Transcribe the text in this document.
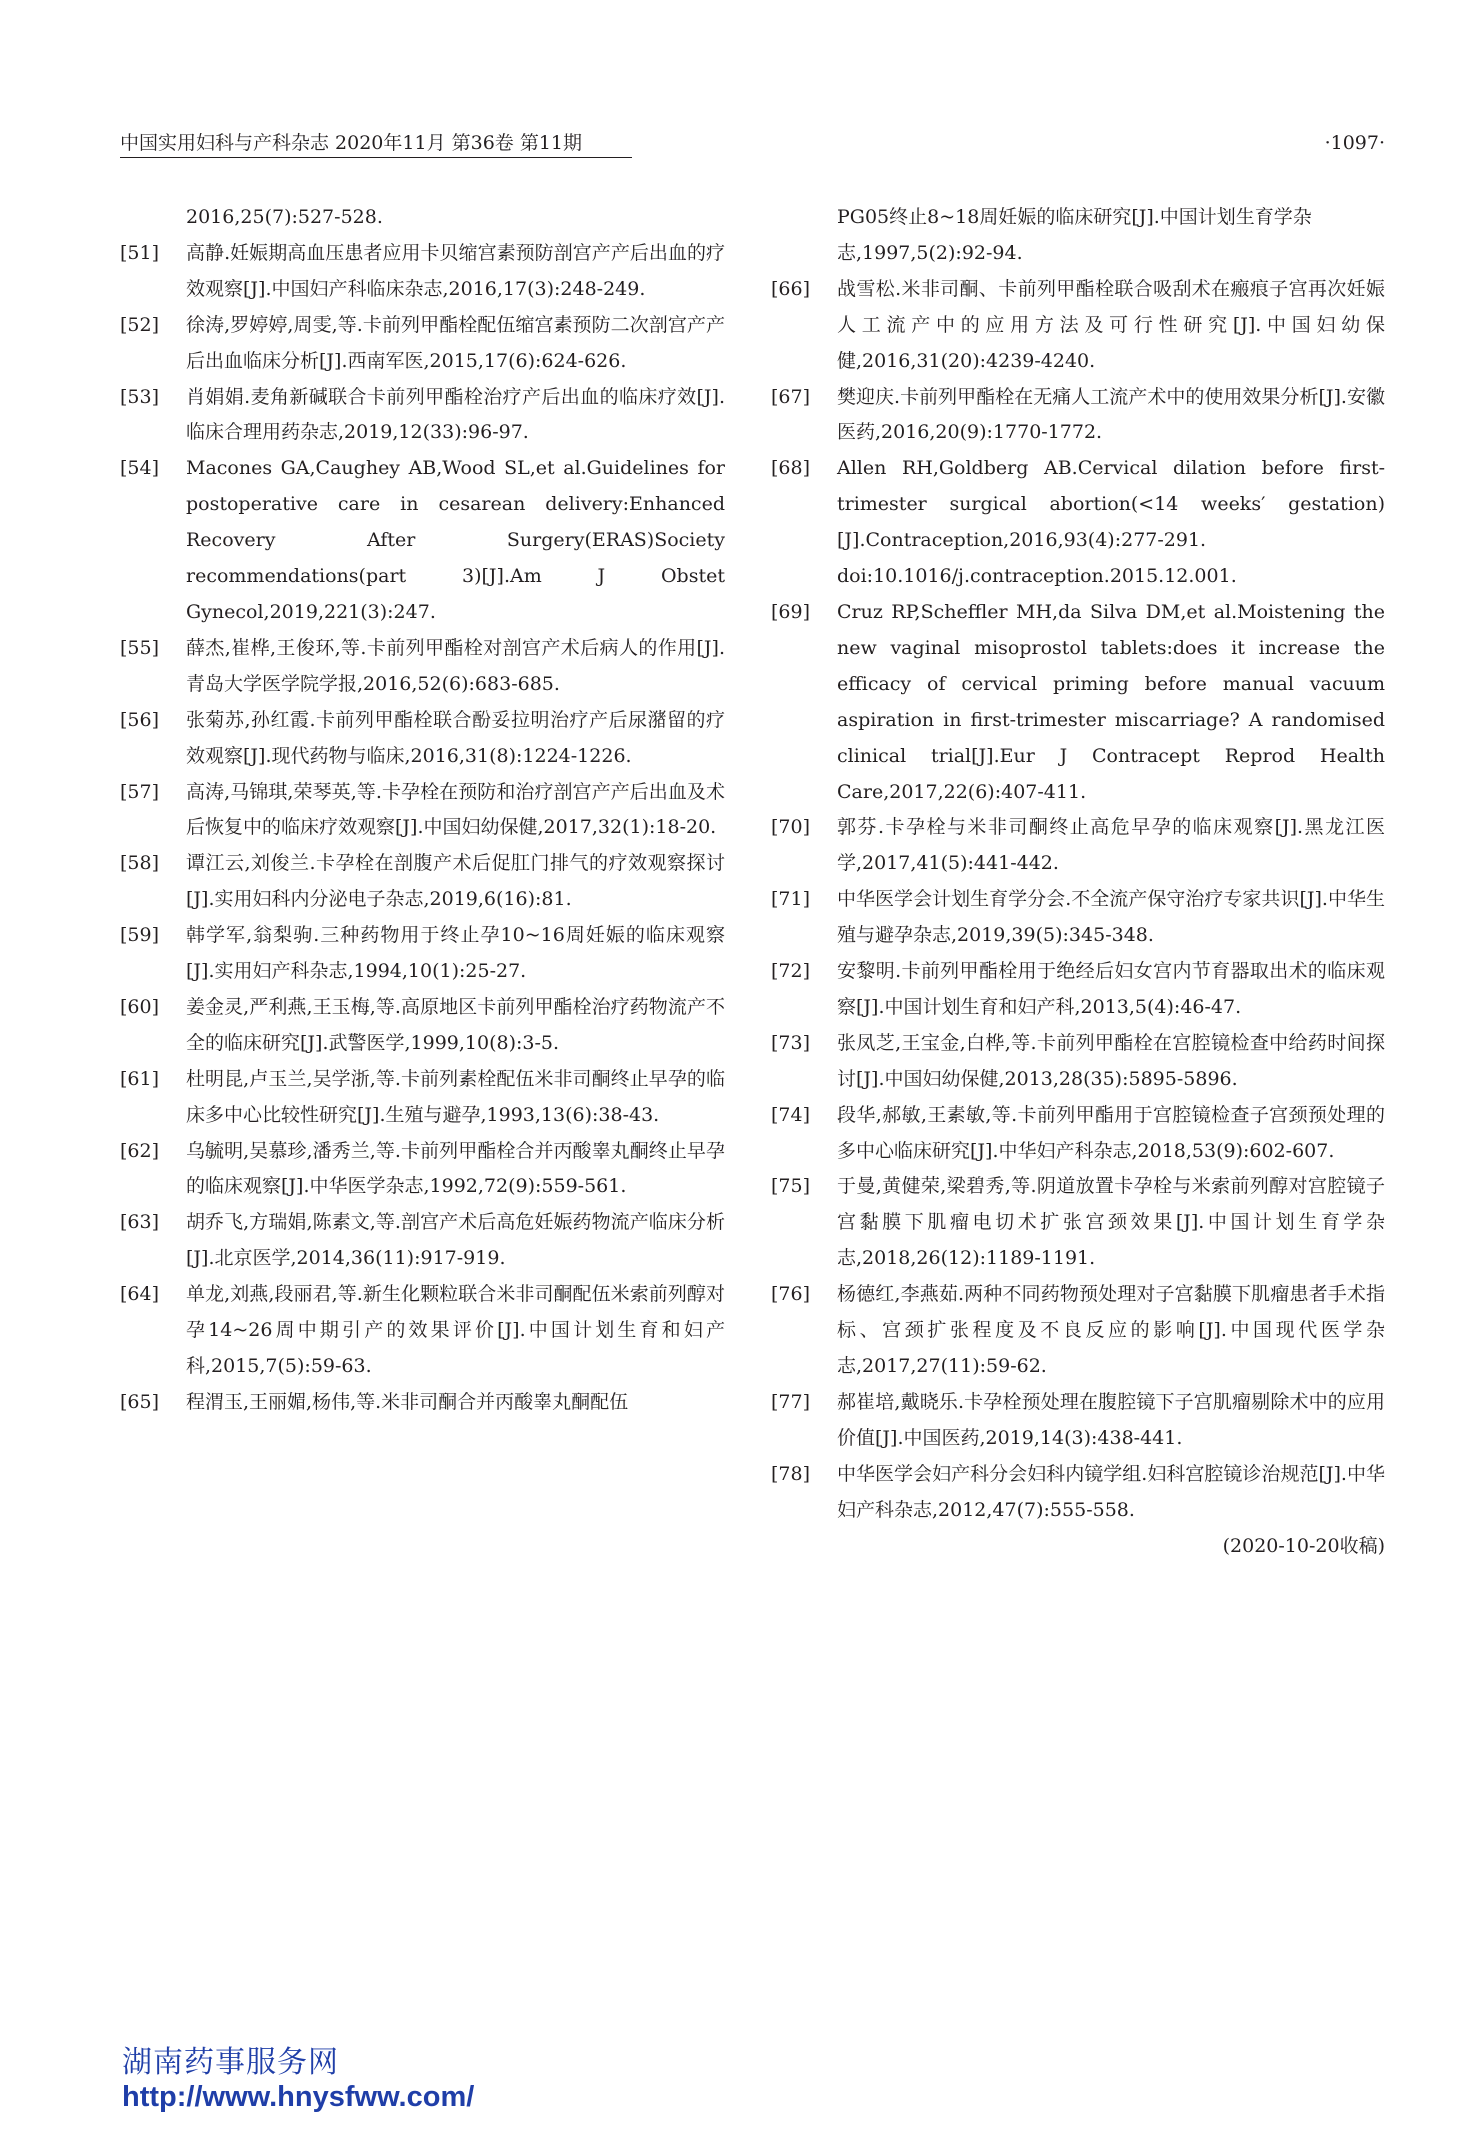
中国实用妇科与产科杂志 2020年11月 第36卷 第11期	·1097·
2016,25(7):527-528.
[51]	高静.妊娠期高血压患者应用卡贝缩宫素预防剖宫产产后出血的疗效观察[J].中国妇产科临床杂志,2016,17(3):248-249.
[52]	徐涛,罗婷婷,周雯,等.卡前列甲酯栓配伍缩宫素预防二次剖宫产产后出血临床分析[J].西南军医,2015,17(6):624-626.
[53]	肖娟娟.麦角新碱联合卡前列甲酯栓治疗产后出血的临床疗效[J].临床合理用药杂志,2019,12(33):96-97.
[54]	Macones GA,Caughey AB,Wood SL,et al.Guidelines for postoperative care in cesarean delivery:Enhanced Recovery After Surgery(ERAS)Society recommendations(part 3)[J].Am J Obstet Gynecol,2019,221(3):247.
[55]	薛杰,崔桦,王俊环,等.卡前列甲酯栓对剖宫产术后病人的作用[J].青岛大学医学院学报,2016,52(6):683-685.
[56]	张菊苏,孙红霞.卡前列甲酯栓联合酚妥拉明治疗产后尿潴留的疗效观察[J].现代药物与临床,2016,31(8):1224-1226.
[57]	高涛,马锦琪,荣琴英,等.卡孕栓在预防和治疗剖宫产产后出血及术后恢复中的临床疗效观察[J].中国妇幼保健,2017,32(1):18-20.
[58]	谭江云,刘俊兰.卡孕栓在剖腹产术后促肛门排气的疗效观察探讨[J].实用妇科内分泌电子杂志,2019,6(16):81.
[59]	韩学军,翁梨驹.三种药物用于终止孕10~16周妊娠的临床观察[J].实用妇产科杂志,1994,10(1):25-27.
[60]	姜金灵,严利燕,王玉梅,等.高原地区卡前列甲酯栓治疗药物流产不全的临床研究[J].武警医学,1999,10(8):3-5.
[61]	杜明昆,卢玉兰,吴学浙,等.卡前列素栓配伍米非司酮终止早孕的临床多中心比较性研究[J].生殖与避孕,1993,13(6):38-43.
[62]	乌毓明,吴慕珍,潘秀兰,等.卡前列甲酯栓合并丙酸睾丸酮终止早孕的临床观察[J].中华医学杂志,1992,72(9):559-561.
[63]	胡乔飞,方瑞娟,陈素文,等.剖宫产术后高危妊娠药物流产临床分析[J].北京医学,2014,36(11):917-919.
[64]	单龙,刘燕,段丽君,等.新生化颗粒联合米非司酮配伍米索前列醇对孕14~26周中期引产的效果评价[J].中国计划生育和妇产科,2015,7(5):59-63.
[65]	程渭玉,王丽媚,杨伟,等.米非司酮合并丙酸睾丸酮配伍
PG05终止8~18周妊娠的临床研究[J].中国计划生育学杂志,1997,5(2):92-94.
[66]	战雪松.米非司酮、卡前列甲酯栓联合吸刮术在瘢痕子宫再次妊娠人工流产中的应用方法及可行性研究[J].中国妇幼保健,2016,31(20):4239-4240.
[67]	樊迎庆.卡前列甲酯栓在无痛人工流产术中的使用效果分析[J].安徽医药,2016,20(9):1770-1772.
[68]	Allen RH,Goldberg AB.Cervical dilation before first-trimester surgical abortion(<14 weeks′ gestation)[J].Contraception,2016,93(4):277-291. doi:10.1016/j.contraception.2015.12.001.
[69]	Cruz RP,Scheffler MH,da Silva DM,et al.Moistening the new vaginal misoprostol tablets:does it increase the efficacy of cervical priming before manual vacuum aspiration in first-trimester miscarriage? A randomised clinical trial[J].Eur J Contracept Reprod Health Care,2017,22(6):407-411.
[70]	郭芬.卡孕栓与米非司酮终止高危早孕的临床观察[J].黑龙江医学,2017,41(5):441-442.
[71]	中华医学会计划生育学分会.不全流产保守治疗专家共识[J].中华生殖与避孕杂志,2019,39(5):345-348.
[72]	安黎明.卡前列甲酯栓用于绝经后妇女宫内节育器取出术的临床观察[J].中国计划生育和妇产科,2013,5(4):46-47.
[73]	张凤芝,王宝金,白桦,等.卡前列甲酯栓在宫腔镜检查中给药时间探讨[J].中国妇幼保健,2013,28(35):5895-5896.
[74]	段华,郝敏,王素敏,等.卡前列甲酯用于宫腔镜检查子宫颈预处理的多中心临床研究[J].中华妇产科杂志,2018,53(9):602-607.
[75]	于曼,黄健荣,梁碧秀,等.阴道放置卡孕栓与米索前列醇对宫腔镜子宫黏膜下肌瘤电切术扩张宫颈效果[J].中国计划生育学杂志,2018,26(12):1189-1191.
[76]	杨德红,李燕茹.两种不同药物预处理对子宫黏膜下肌瘤患者手术指标、宫颈扩张程度及不良反应的影响[J].中国现代医学杂志,2017,27(11):59-62.
[77]	郝崔培,戴晓乐.卡孕栓预处理在腹腔镜下子宫肌瘤剔除术中的应用价值[J].中国医药,2019,14(3):438-441.
[78]	中华医学会妇产科分会妇科内镜学组.妇科宫腔镜诊治规范[J].中华妇产科杂志,2012,47(7):555-558.
(2020-10-20收稿)
湖南药事服务网
http://www.hnysfww.com/
